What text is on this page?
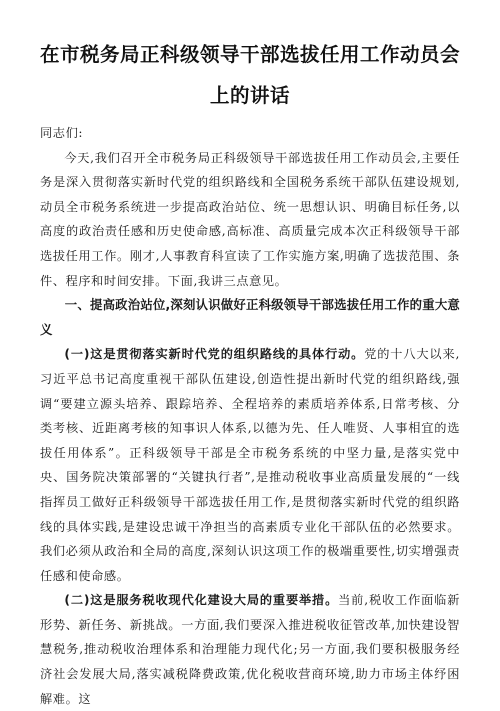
在市税务局正科级领导干部选拔任用工作动员会上的讲话
同志们:

今天,我们召开全市税务局正科级领导干部选拔任用工作动员会,主要任务是深入贯彻落实新时代党的组织路线和全国税务系统干部队伍建设规划,动员全市税务系统进一步提高政治站位、统一思想认识、明确目标任务,以高度的政治责任感和历史使命感,高标准、高质量完成本次正科级领导干部选拔任用工作。刚才,人事教育科宣读了工作实施方案,明确了选拔范围、条件、程序和时间安排。下面,我讲三点意见。

一、提高政治站位,深刻认识做好正科级领导干部选拔任用工作的重大意义

(一)这是贯彻落实新时代党的组织路线的具体行动。党的十八大以来,习近平总书记高度重视干部队伍建设,创造性提出新时代党的组织路线,强调“要建立源头培养、跟踪培养、全程培养的素质培养体系,日常考核、分类考核、近距离考核的知事识人体系,以德为先、任人唯贤、人事相宜的选拔任用体系”。正科级领导干部是全市税务系统的中坚力量,是落实党中央、国务院决策部署的“关键执行者”,是推动税收事业高质量发展的“一线指挥员工做好正科级领导干部选拔任用工作,是贯彻落实新时代党的组织路线的具体实践,是建设忠诚干净担当的高素质专业化干部队伍的必然要求。我们必须从政治和全局的高度,深刻认识这项工作的极端重要性,切实增强责任感和使命感。

(二)这是服务税收现代化建设大局的重要举措。当前,税收工作面临新形势、新任务、新挑战。一方面,我们要深入推进税收征管改革,加快建设智慧税务,推动税收治理体系和治理能力现代化;另一方面,我们要积极服务经济社会发展大局,落实减税降费政策,优化税收营商环境,助力市场主体纾困解难。这
